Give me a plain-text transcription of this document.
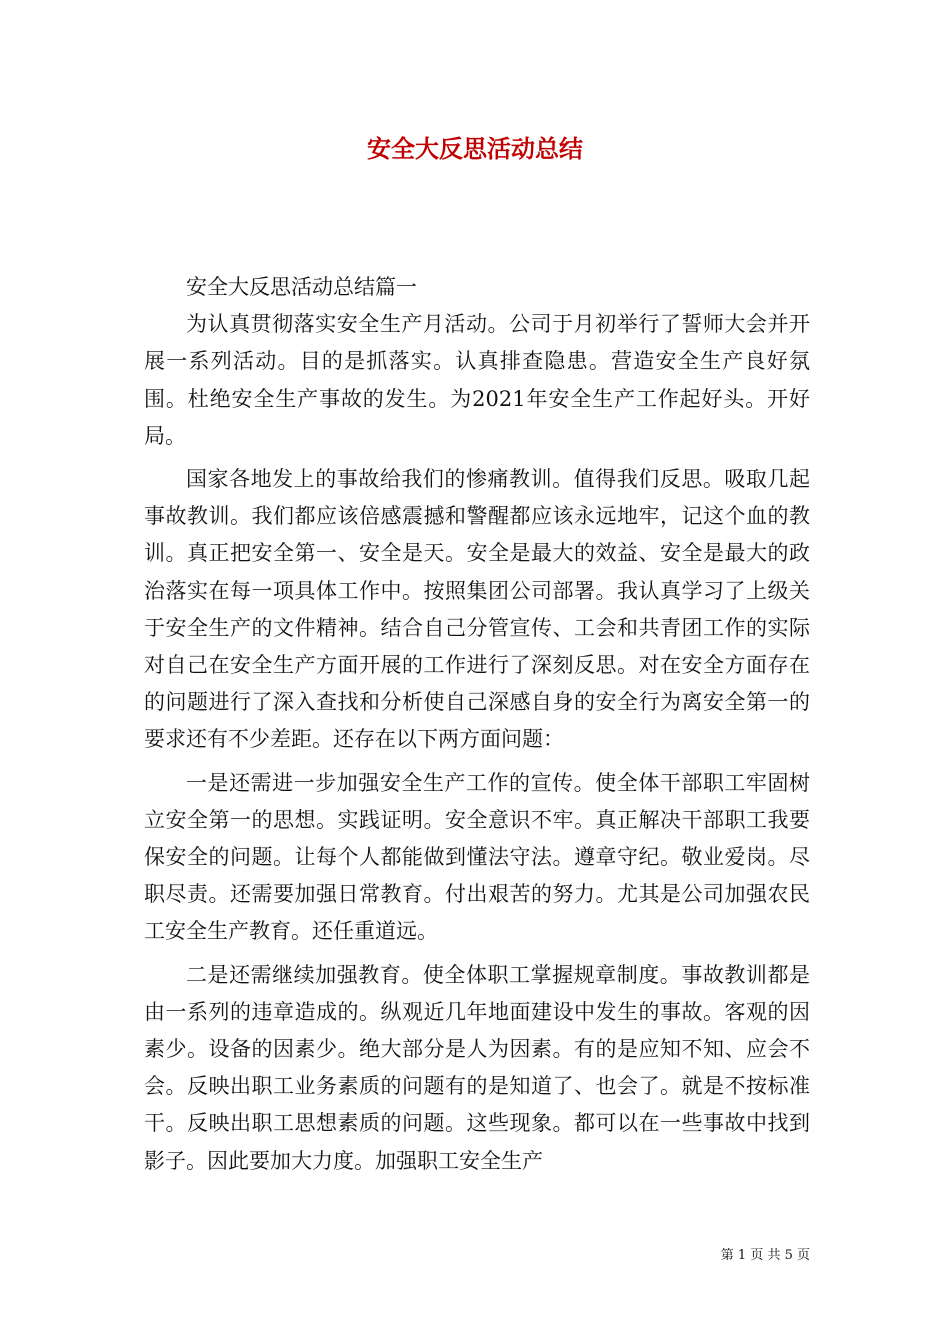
安全大反思活动总结

安全大反思活动总结篇一

为认真贯彻落实安全生产月活动。公司于月初举行了誓师大会并开展一系列活动。目的是抓落实。认真排查隐患。营造安全生产良好氛围。杜绝安全生产事故的发生。为2021年安全生产工作起好头。开好局。

国家各地发上的事故给我们的惨痛教训。值得我们反思。吸取几起事故教训。我们都应该倍感震撼和警醒都应该永远地牢，记这个血的教训。真正把安全第一、安全是天。安全是最大的效益、安全是最大的政治落实在每一项具体工作中。按照集团公司部署。我认真学习了上级关于安全生产的文件精神。结合自己分管宣传、工会和共青团工作的实际对自己在安全生产方面开展的工作进行了深刻反思。对在安全方面存在的问题进行了深入查找和分析使自己深感自身的安全行为离安全第一的要求还有不少差距。还存在以下两方面问题：

一是还需进一步加强安全生产工作的宣传。使全体干部职工牢固树立安全第一的思想。实践证明。安全意识不牢。真正解决干部职工我要保安全的问题。让每个人都能做到懂法守法。遵章守纪。敬业爱岗。尽职尽责。还需要加强日常教育。付出艰苦的努力。尤其是公司加强农民工安全生产教育。还任重道远。

二是还需继续加强教育。使全体职工掌握规章制度。事故教训都是由一系列的违章造成的。纵观近几年地面建设中发生的事故。客观的因素少。设备的因素少。绝大部分是人为因素。有的是应知不知、应会不会。反映出职工业务素质的问题有的是知道了、也会了。就是不按标准干。反映出职工思想素质的问题。这些现象。都可以在一些事故中找到影子。因此要加大力度。加强职工安全生产

第 1 页 共 5 页
